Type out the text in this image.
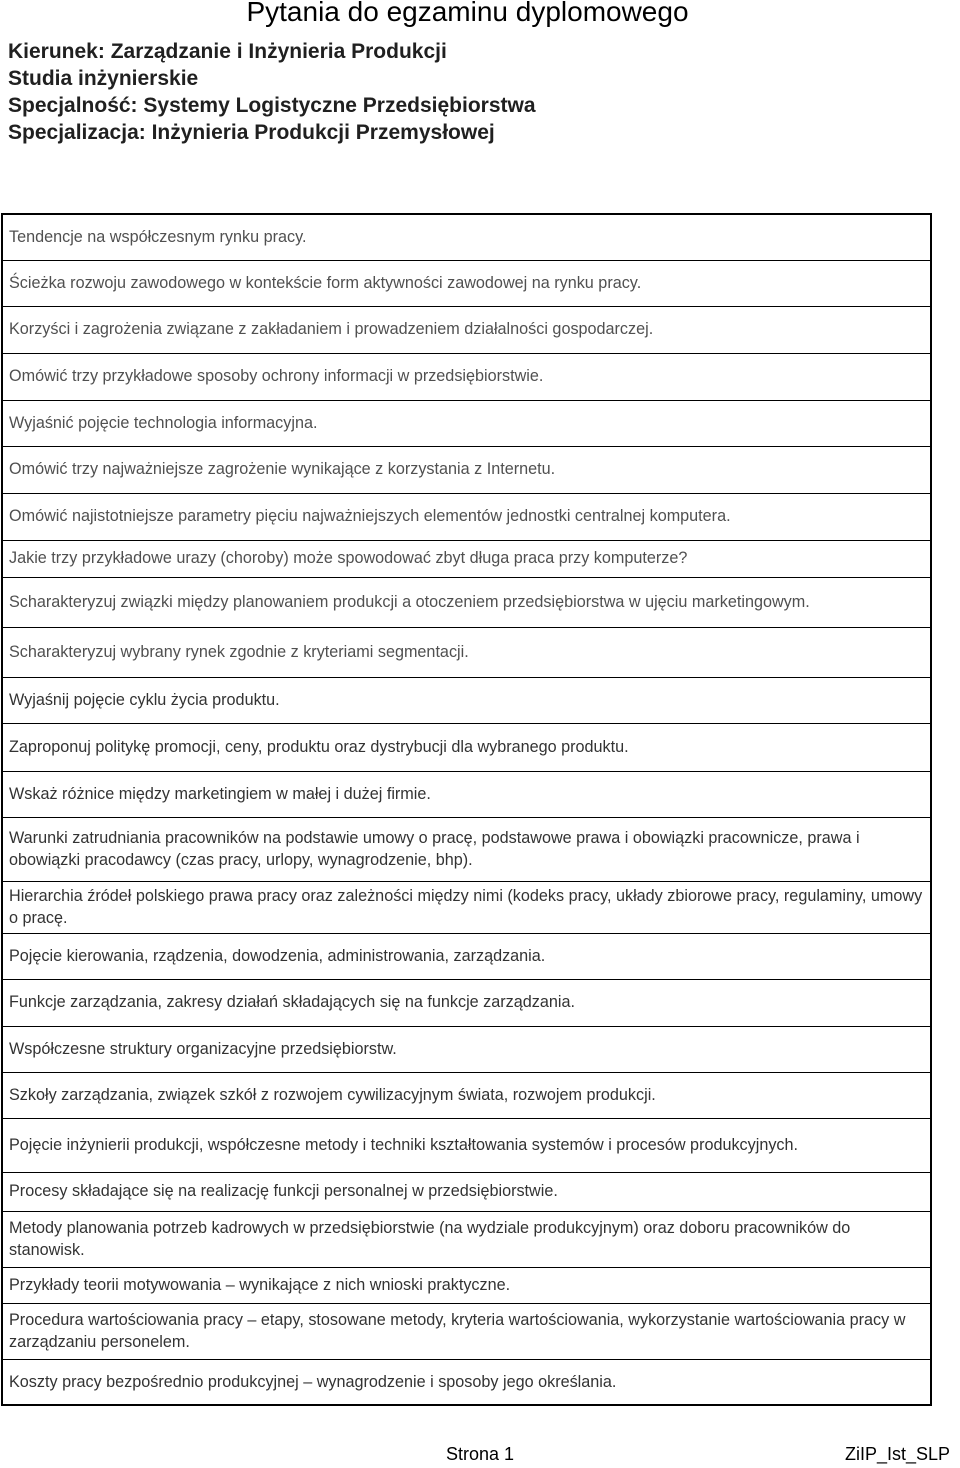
Pytania do egzaminu dyplomowego
Kierunek: Zarządzanie i Inżynieria Produkcji
Studia inżynierskie
Specjalność: Systemy Logistyczne Przedsiębiorstwa
Specjalizacja: Inżynieria Produkcji Przemysłowej
Tendencje na współczesnym rynku pracy.
Ścieżka rozwoju zawodowego w kontekście form aktywności zawodowej na rynku pracy.
Korzyści i zagrożenia związane z zakładaniem i prowadzeniem działalności gospodarczej.
Omówić trzy przykładowe sposoby ochrony informacji w przedsiębiorstwie.
Wyjaśnić pojęcie technologia informacyjna.
Omówić trzy najważniejsze zagrożenie wynikające z korzystania z Internetu.
Omówić najistotniejsze parametry pięciu najważniejszych elementów jednostki centralnej komputera.
Jakie trzy przykładowe urazy (choroby) może spowodować zbyt długa praca przy komputerze?
Scharakteryzuj związki między planowaniem produkcji a otoczeniem przedsiębiorstwa w ujęciu marketingowym.
Scharakteryzuj wybrany rynek zgodnie z kryteriami segmentacji.
Wyjaśnij pojęcie cyklu życia produktu.
Zaproponuj politykę promocji, ceny, produktu oraz dystrybucji dla wybranego produktu.
Wskaż różnice między marketingiem w małej i dużej firmie.
Warunki zatrudniania pracowników na podstawie umowy o pracę, podstawowe prawa i obowiązki pracownicze, prawa i obowiązki pracodawcy (czas pracy, urlopy, wynagrodzenie, bhp).
Hierarchia źródeł polskiego prawa pracy oraz zależności między nimi (kodeks pracy, układy zbiorowe pracy, regulaminy, umowy o pracę.
Pojęcie kierowania, rządzenia, dowodzenia, administrowania, zarządzania.
Funkcje zarządzania, zakresy działań składających się na funkcje zarządzania.
Współczesne struktury organizacyjne przedsiębiorstw.
Szkoły zarządzania, związek szkół z rozwojem cywilizacyjnym świata, rozwojem produkcji.
Pojęcie inżynierii produkcji, współczesne metody i techniki kształtowania systemów i procesów produkcyjnych.
Procesy składające się na realizację funkcji personalnej w przedsiębiorstwie.
Metody planowania potrzeb kadrowych w przedsiębiorstwie (na wydziale produkcyjnym) oraz doboru pracowników do stanowisk.
Przykłady teorii motywowania – wynikające z nich wnioski praktyczne.
Procedura wartościowania pracy – etapy, stosowane metody, kryteria wartościowania, wykorzystanie wartościowania pracy w zarządzaniu personelem.
Koszty pracy bezpośrednio produkcyjnej – wynagrodzenie i sposoby jego określania.
Strona 1	ZiIP_Ist_SLP
